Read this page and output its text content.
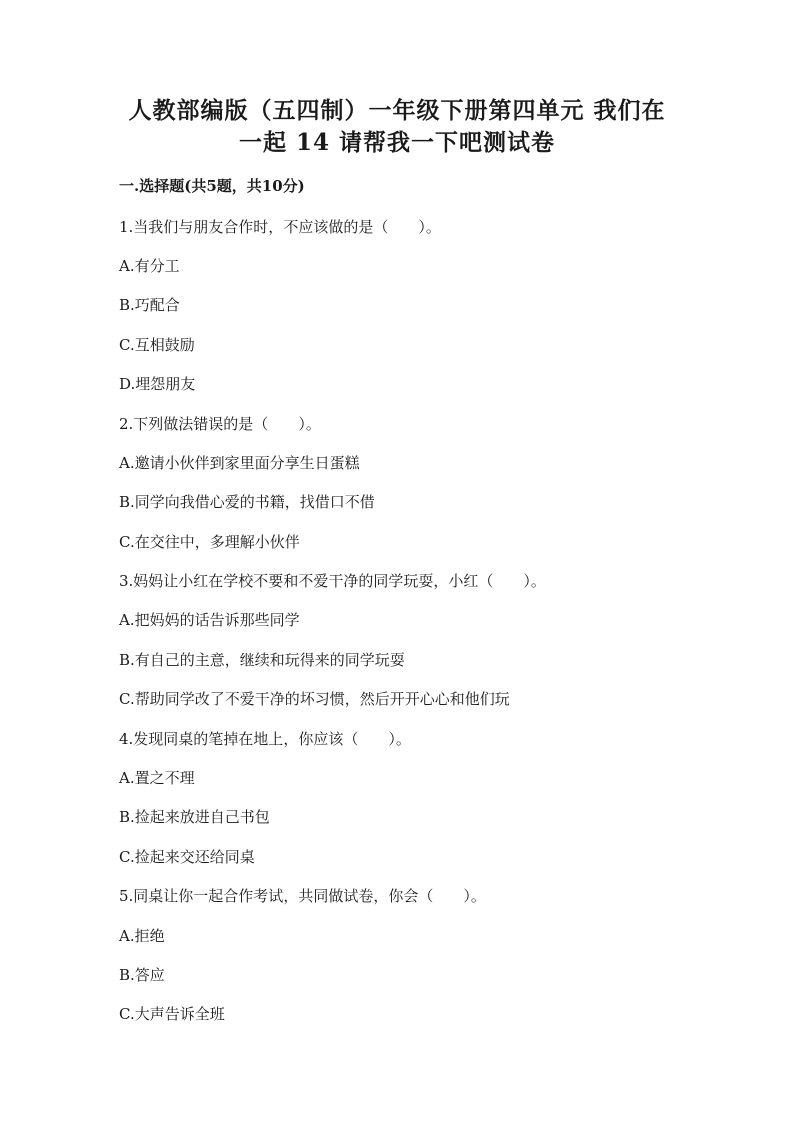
人教部编版（五四制）一年级下册第四单元 我们在
一起 14 请帮我一下吧测试卷
一.选择题(共5题，共10分)
1.当我们与朋友合作时，不应该做的是（　　）。
A.有分工
B.巧配合
C.互相鼓励
D.埋怨朋友
2.下列做法错误的是（　　）。
A.邀请小伙伴到家里面分享生日蛋糕
B.同学向我借心爱的书籍，找借口不借
C.在交往中，多理解小伙伴
3.妈妈让小红在学校不要和不爱干净的同学玩耍，小红（　　）。
A.把妈妈的话告诉那些同学
B.有自己的主意，继续和玩得来的同学玩耍
C.帮助同学改了不爱干净的坏习惯，然后开开心心和他们玩
4.发现同桌的笔掉在地上，你应该（　　）。
A.置之不理
B.捡起来放进自己书包
C.捡起来交还给同桌
5.同桌让你一起合作考试，共同做试卷，你会（　　）。
A.拒绝
B.答应
C.大声告诉全班
